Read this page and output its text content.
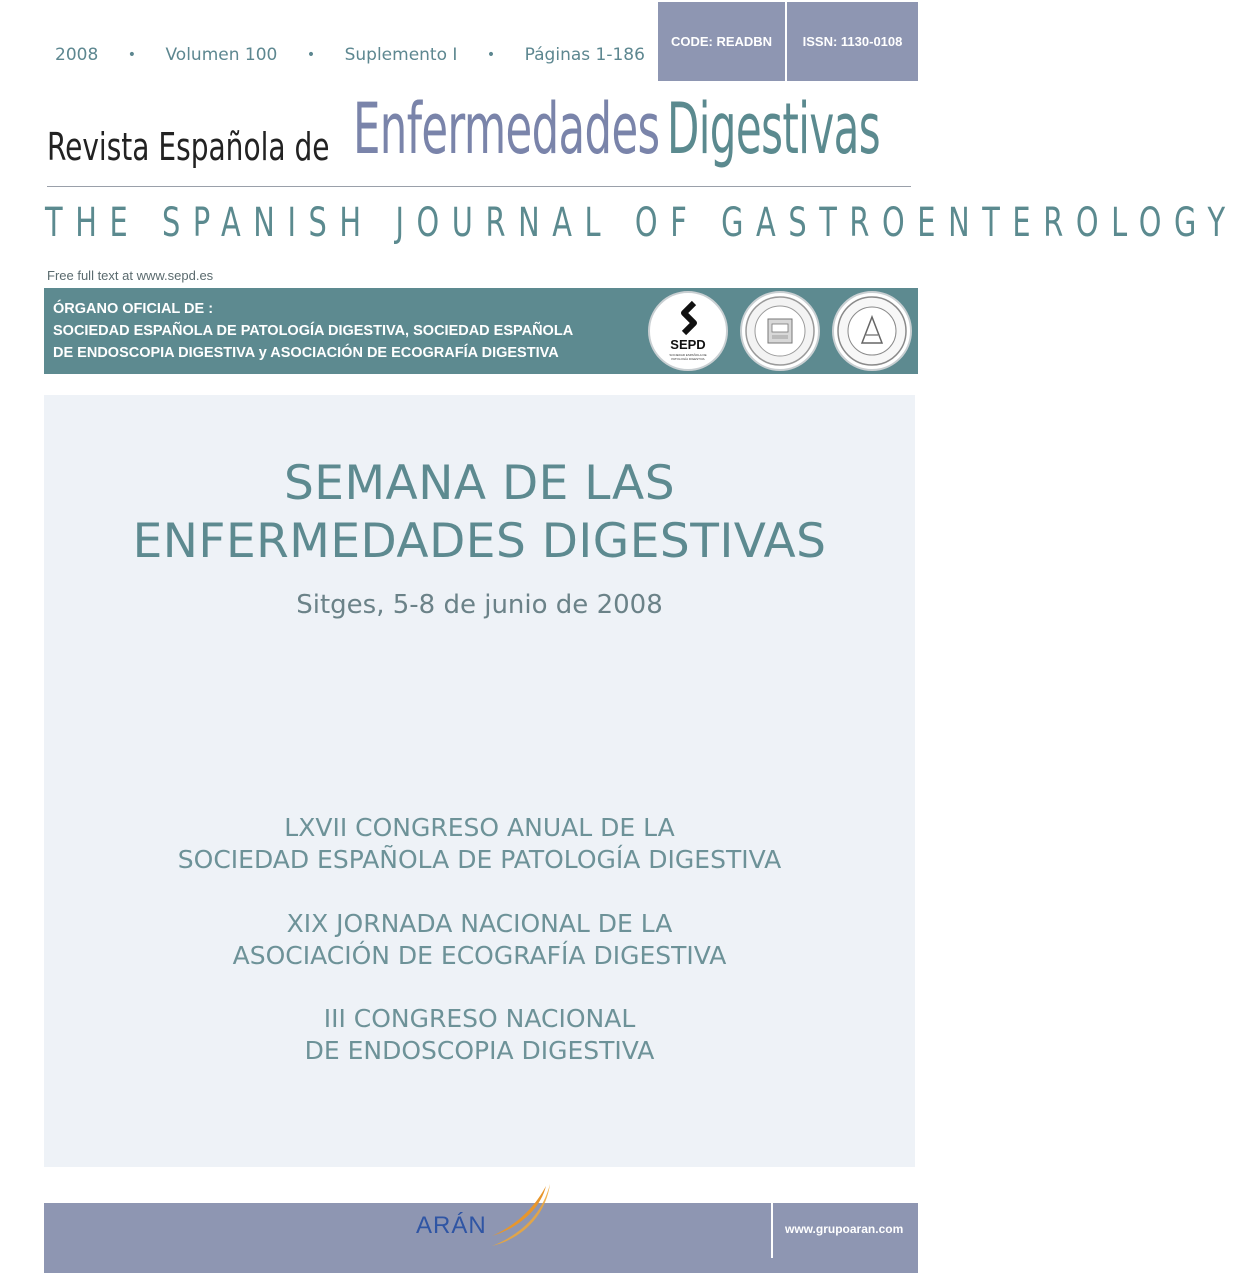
2008 • Volumen 100 • Suplemento I • Páginas 1-186
CODE: READBN ISSN: 1130-0108
Revista Española de Enfermedades Digestivas
THE SPANISH JOURNAL OF GASTROENTEROLOGY
Free full text at www.sepd.es
ÓRGANO OFICIAL DE :
SOCIEDAD ESPAÑOLA DE PATOLOGÍA DIGESTIVA, SOCIEDAD ESPAÑOLA
DE ENDOSCOPIA DIGESTIVA y ASOCIACIÓN DE ECOGRAFÍA DIGESTIVA
SEPD
SOCIEDAD ESPAÑOLA DE PATOLOGÍA DIGESTIVA
SEMANA DE LAS
ENFERMEDADES DIGESTIVAS
Sitges, 5-8 de junio de 2008
LXVII CONGRESO ANUAL DE LA
SOCIEDAD ESPAÑOLA DE PATOLOGÍA DIGESTIVA
XIX JORNADA NACIONAL DE LA
ASOCIACIÓN DE ECOGRAFÍA DIGESTIVA
III CONGRESO NACIONAL
DE ENDOSCOPIA DIGESTIVA
ARÁN	www.grupoaran.com
